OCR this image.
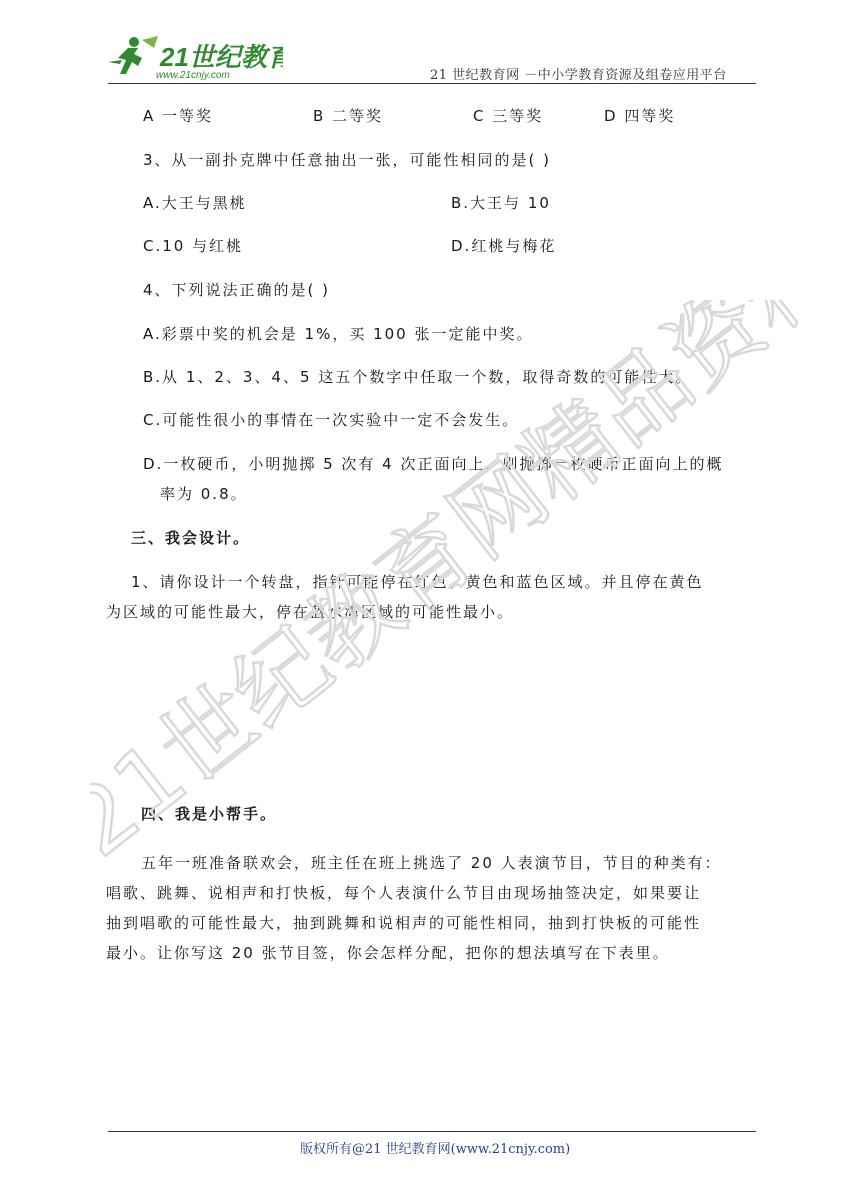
21世纪教育
www.21cnjy.com	21 世纪教育网 －中小学教育资源及组卷应用平台
A 一等奖	B 二等奖	C 三等奖	D 四等奖
3、从一副扑克牌中任意抽出一张，可能性相同的是( )
A.大王与黑桃	B.大王与 10
C.10 与红桃	D.红桃与梅花
4、下列说法正确的是( )
A.彩票中奖的机会是 1%，买 100 张一定能中奖。
B.从 1、2、3、4、5 这五个数字中任取一个数，取得奇数的可能性大。
C.可能性很小的事情在一次实验中一定不会发生。
D.一枚硬币，小明抛掷 5 次有 4 次正面向上，则抛掷一枚硬币正面向上的概
率为 0.8。
三、我会设计。
1、请你设计一个转盘，指针可能停在红色、黄色和蓝色区域。并且停在黄色
为区域的可能性最大，停在蓝水湾区域的可能性最小。
四、我是小帮手。
五年一班准备联欢会，班主任在班上挑选了 20 人表演节目，节目的种类有：
唱歌、跳舞、说相声和打快板，每个人表演什么节目由现场抽签决定，如果要让
抽到唱歌的可能性最大，抽到跳舞和说相声的可能性相同，抽到打快板的可能性
最小。让你写这 20 张节目签，你会怎样分配，把你的想法填写在下表里。
21世纪教育网精品资料
版权所有@21 世纪教育网(www.21cnjy.com)
